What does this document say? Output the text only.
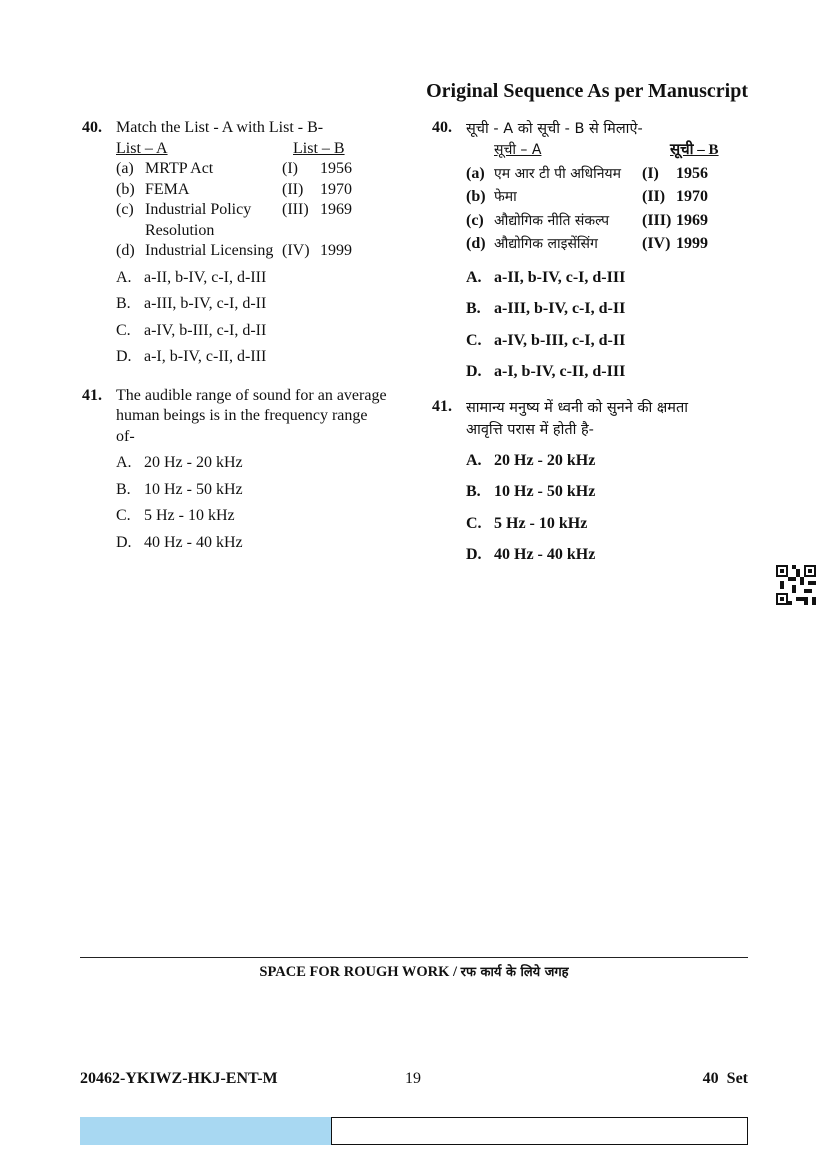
Original Sequence As per Manuscript
40. Match the List - A with List - B-
	List – A		List – B
(a)	MRTP Act	(I)	1956
(b)	FEMA	(II)	1970
(c)	Industrial Policy Resolution	(III)	1969
(d)	Industrial Licensing	(IV)	1999
A. a-II, b-IV, c-I, d-III
B. a-III, b-IV, c-I, d-II
C. a-IV, b-III, c-I, d-II
D. a-I, b-IV, c-II, d-III
41. The audible range of sound for an average human beings is in the frequency range of-
A. 20 Hz - 20 kHz
B. 10 Hz - 50 kHz
C. 5 Hz - 10 kHz
D. 40 Hz - 40 kHz
40. सूची - A को सूची - B से मिलाऐ-
	सूची – A	सूची – B
(a)	एम आर टी पी अधिनियम	(I)	1956
(b)	फेमा	(II)	1970
(c)	औद्योगिक नीति संकल्प	(III)	1969
(d)	औद्योगिक लाइसेंसिंग	(IV)	1999
A. a-II, b-IV, c-I, d-III
B. a-III, b-IV, c-I, d-II
C. a-IV, b-III, c-I, d-II
D. a-I, b-IV, c-II, d-III
41. सामान्य मनुष्य में ध्वनी को सुनने की क्षमता आवृत्ति परास में होती है-
A. 20 Hz - 20 kHz
B. 10 Hz - 50 kHz
C. 5 Hz - 10 kHz
D. 40 Hz - 40 kHz
SPACE FOR ROUGH WORK / रफ कार्य के लिये जगह
20462-YKIWZ-HKJ-ENT-M	19	40 Set
